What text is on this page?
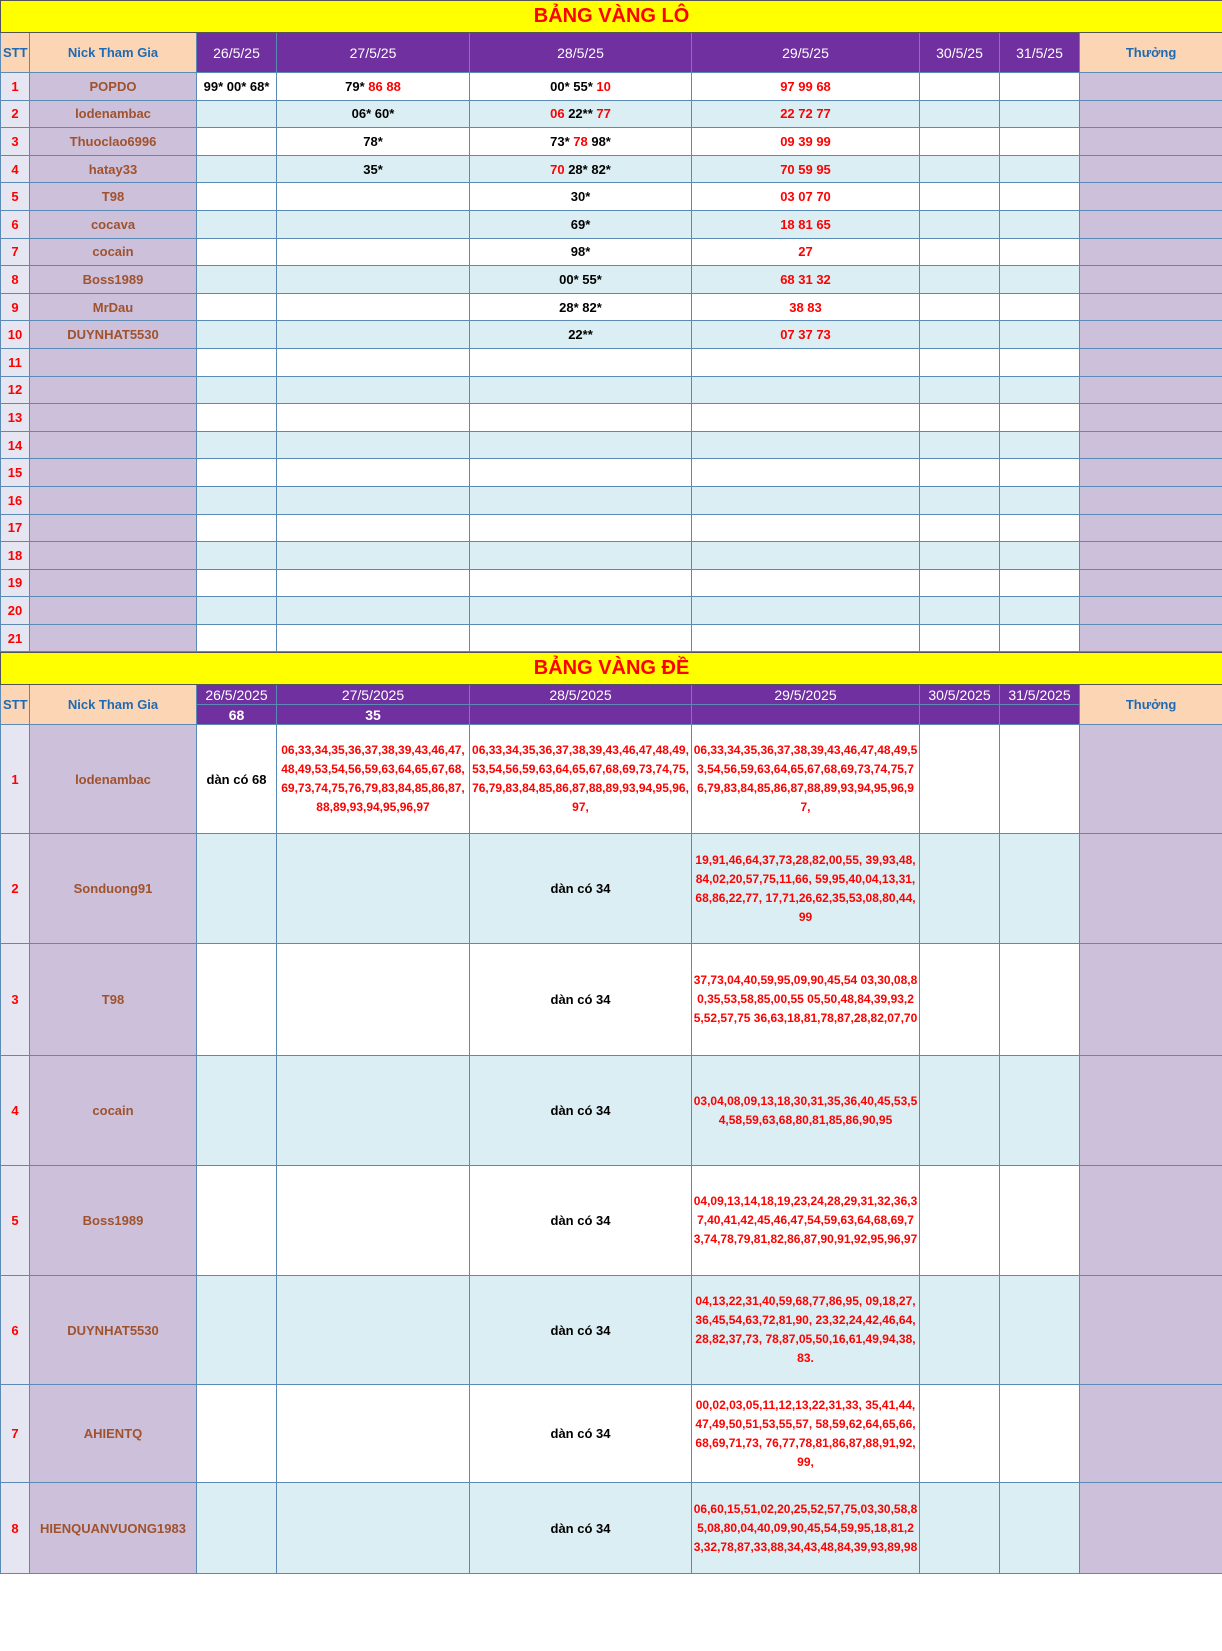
BẢNG VÀNG LÔ								
STT	Nick Tham Gia	26/5/25	27/5/25	28/5/25	29/5/25	30/5/25	31/5/25	Thưởng
1	POPDO	99* 00* 68*	79* 86 88	00* 55* 10	97 99 68			
2	lodenambac		06* 60*	06 22** 77	22 72 77			
3	Thuoclao6996		78*	73* 78 98*	09 39 99			
4	hatay33		35*	70 28* 82*	70 59 95			
5	T98			30*	03 07 70			
6	cocava			69*	18 81 65			
7	cocain			98*	27			
8	Boss1989			00* 55*	68 31 32			
9	MrDau			28* 82*	38 83			
10	DUYNHAT5530			22**	07 37 73			
11								
12								
13								
14								
15								
16								
17								
18								
19								
20								
21								
BẢNG VÀNG ĐỀ								
STT	Nick Tham Gia	26/5/2025	27/5/2025	28/5/2025	29/5/2025	30/5/2025	31/5/2025	Thưởng
		68	35					
1	lodenambac	dàn có 68	06,33,34,35,36,37,38,39,43,46,47,48,49,53,54,56,59,63,64,65,67,68,69,73,74,75,76,79,83,84,85,86,87,88,89,93,94,95,96,97	06,33,34,35,36,37,38,39,43,46,47,48,49,53,54,56,59,63,64,65,67,68,69,73,74,75,76,79,83,84,85,86,87,88,89,93,94,95,96,97,	06,33,34,35,36,37,38,39,43,46,47,48,49,53,54,56,59,63,64,65,67,68,69,73,74,75,76,79,83,84,85,86,87,88,89,93,94,95,96,97,			
2	Sonduong91			dàn có 34	19,91,46,64,37,73,28,82,00,55, 39,93,48,84,02,20,57,75,11,66, 59,95,40,04,13,31,68,86,22,77, 17,71,26,62,35,53,08,80,44,99			
3	T98			dàn có 34	37,73,04,40,59,95,09,90,45,54 03,30,08,80,35,53,58,85,00,55 05,50,48,84,39,93,25,52,57,75 36,63,18,81,78,87,28,82,07,70			
4	cocain			dàn có 34	03,04,08,09,13,18,30,31,35,36,40,45,53,54,58,59,63,68,80,81,85,86,90,95			
5	Boss1989			dàn có 34	04,09,13,14,18,19,23,24,28,29,31,32,36,37,40,41,42,45,46,47,54,59,63,64,68,69,73,74,78,79,81,82,86,87,90,91,92,95,96,97			
6	DUYNHAT5530			dàn có 34	04,13,22,31,40,59,68,77,86,95, 09,18,27,36,45,54,63,72,81,90, 23,32,24,42,46,64,28,82,37,73, 78,87,05,50,16,61,49,94,38,83.			
7	AHIENTQ			dàn có 34	00,02,03,05,11,12,13,22,31,33, 35,41,44,47,49,50,51,53,55,57, 58,59,62,64,65,66,68,69,71,73, 76,77,78,81,86,87,88,91,92,99,			
8	HIENQUANVUONG1983			dàn có 34	06,60,15,51,02,20,25,52,57,75,03,30,58,85,08,80,04,40,09,90,45,54,59,95,18,81,23,32,78,87,33,88,34,43,48,84,39,93,89,98			
